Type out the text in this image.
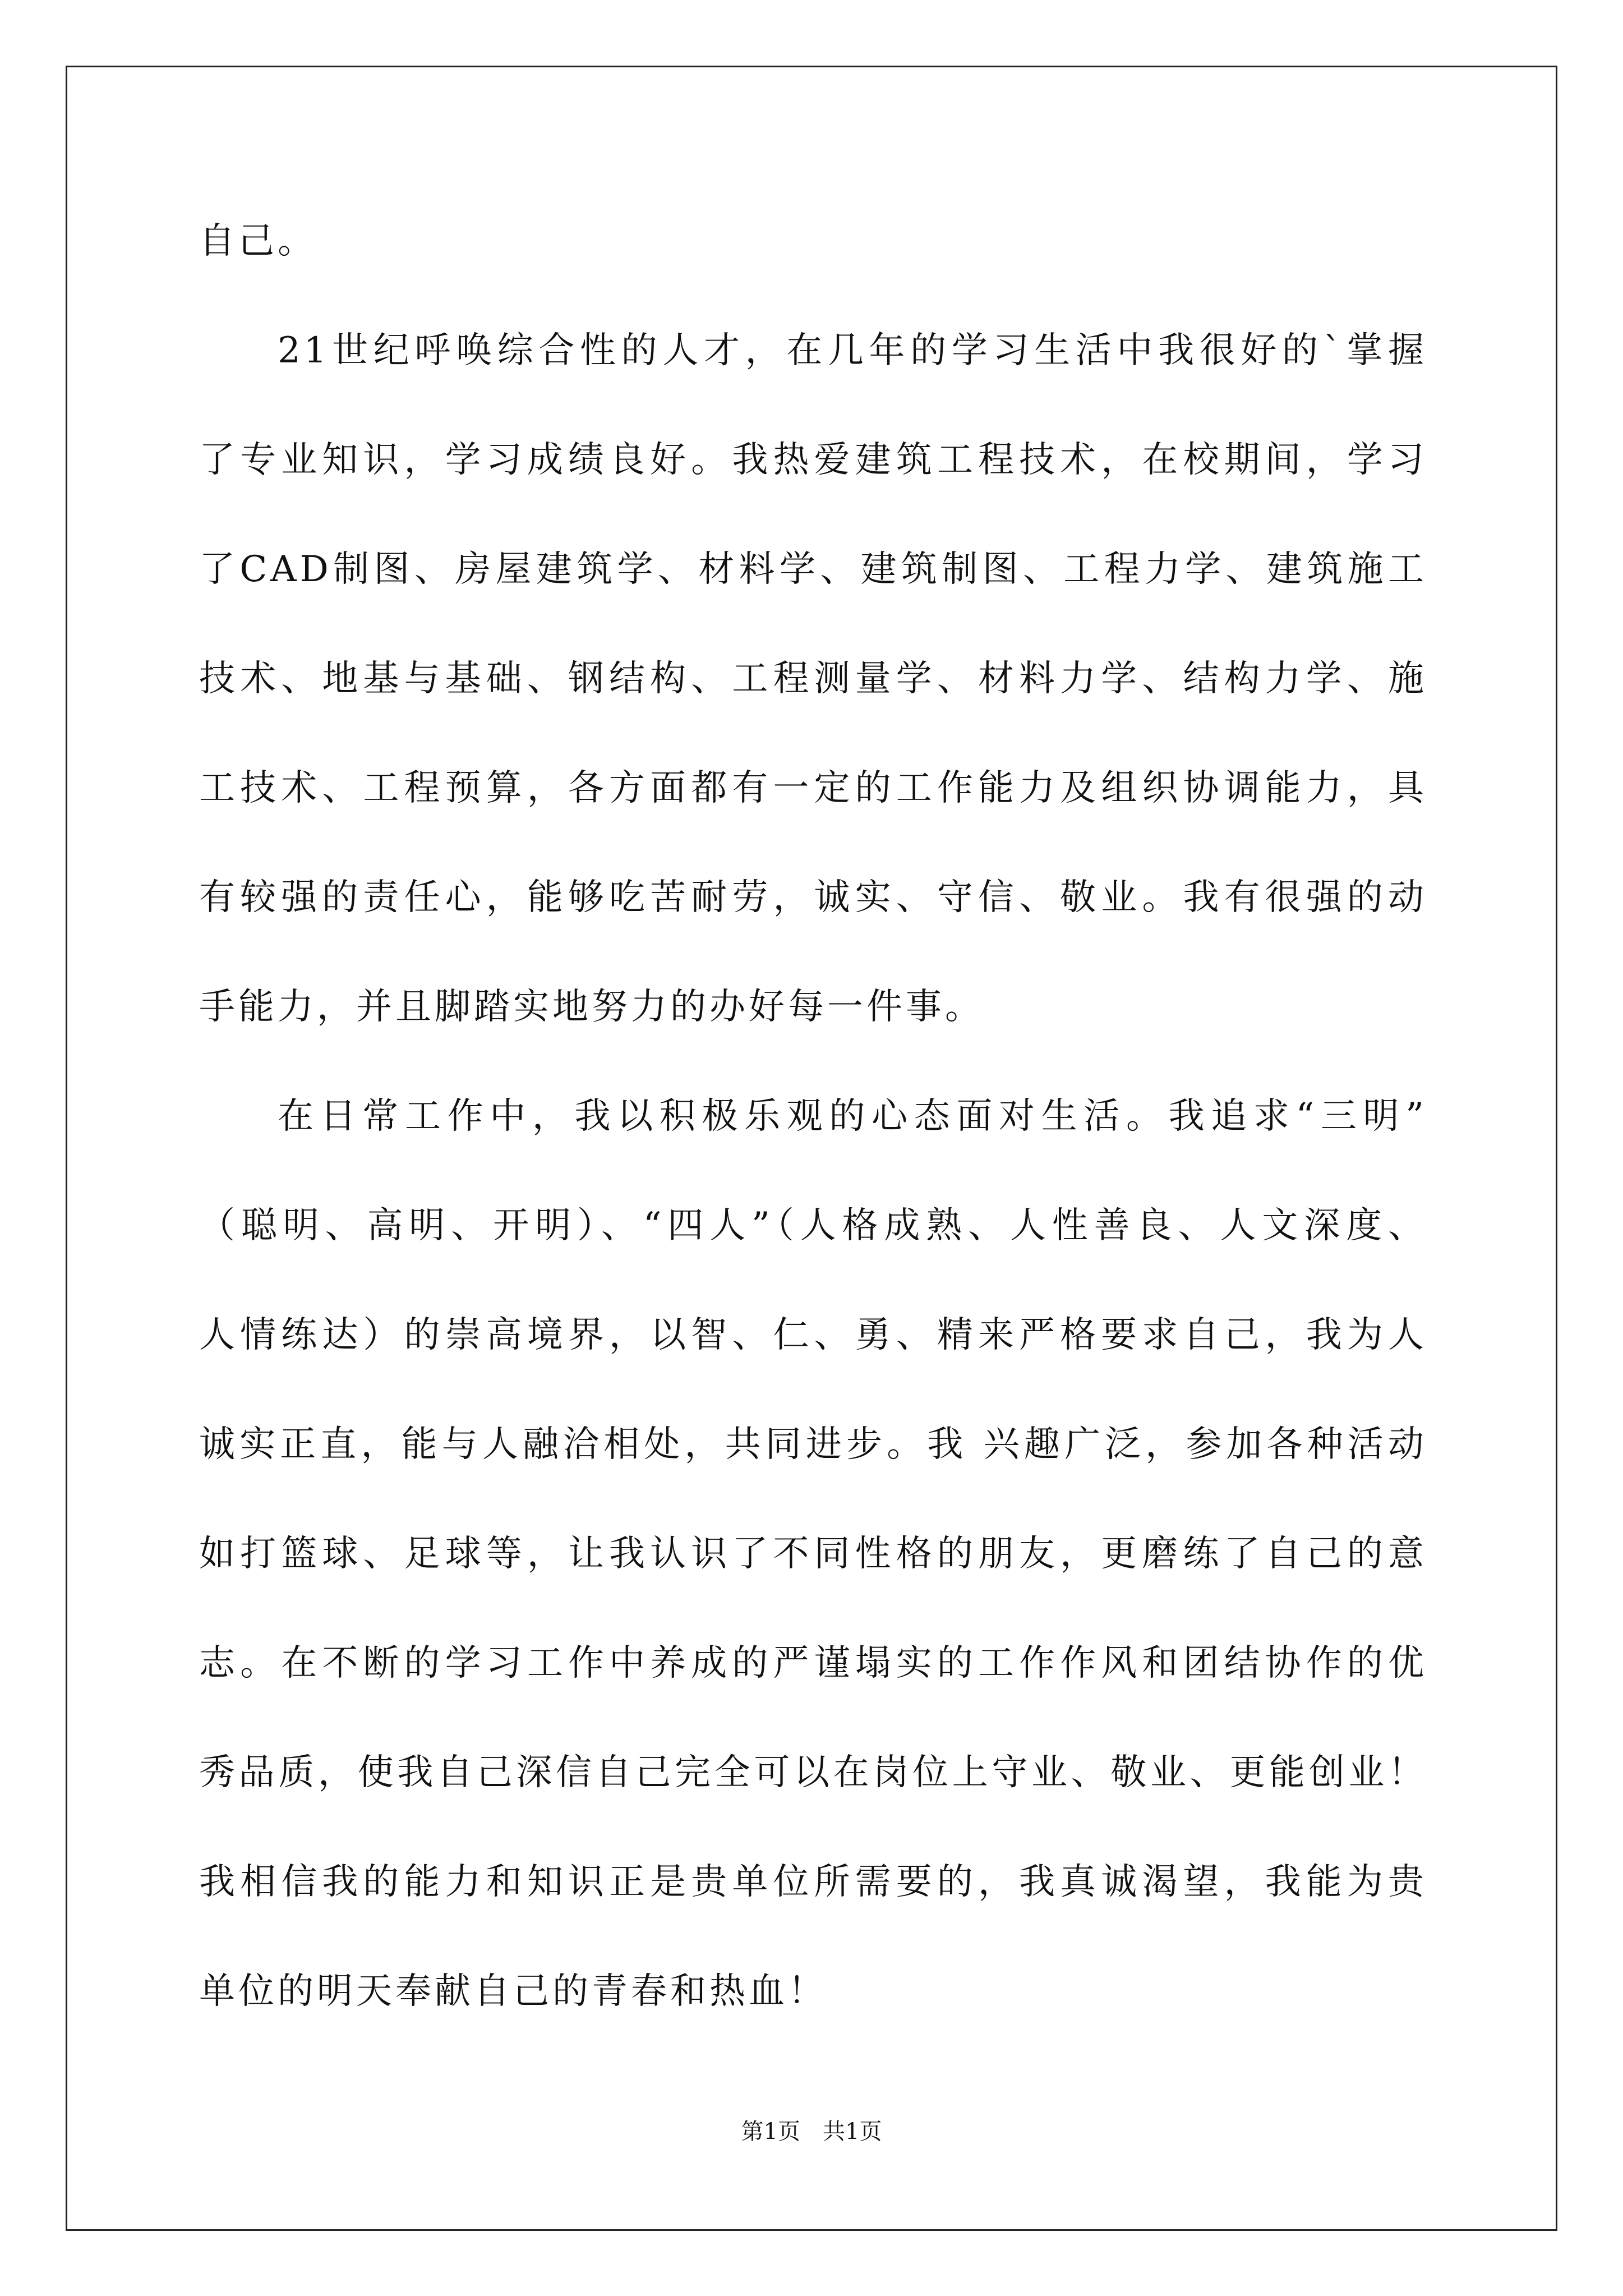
自己。
21世纪呼唤综合性的人才，在几年的学习生活中我很好的`掌握
了专业知识，学习成绩良好。我热爱建筑工程技术，在校期间，学习
了CAD制图、房屋建筑学、材料学、建筑制图、工程力学、建筑施工
技术、地基与基础、钢结构、工程测量学、材料力学、结构力学、施
工技术、工程预算，各方面都有一定的工作能力及组织协调能力，具
有较强的责任心，能够吃苦耐劳，诚实、守信、敬业。我有很强的动
手能力，并且脚踏实地努力的办好每一件事。
在日常工作中，我以积极乐观的心态面对生活。我追求“三明”
（聪明、高明、开明）、“四人”（人格成熟、人性善良、人文深度、
人情练达）的崇高境界，以智、仁、勇、精来严格要求自己，我为人
诚实正直，能与人融洽相处，共同进步。我 兴趣广泛，参加各种活动
如打篮球、足球等，让我认识了不同性格的朋友，更磨练了自己的意
志。在不断的学习工作中养成的严谨塌实的工作作风和团结协作的优
秀品质，使我自己深信自己完全可以在岗位上守业、敬业、更能创业！
我相信我的能力和知识正是贵单位所需要的，我真诚渴望，我能为贵
单位的明天奉献自己的青春和热血！
第1页 共1页
